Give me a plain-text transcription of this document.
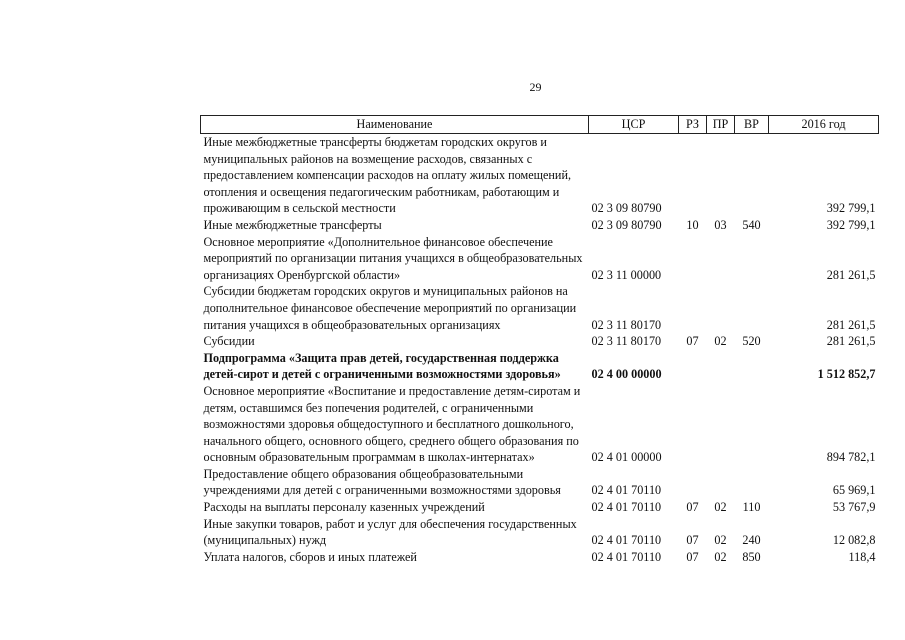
29
Наименование	ЦСР	РЗ	ПР	ВР	2016 год
Иные межбюджетные трансферты бюджетам городских округов и муниципальных районов на возмещение расходов, связанных с предоставлением компенсации расходов на оплату жилых помещений, отопления и освещения педагогическим работникам, работающим и проживающим в сельской местности	02 3 09 80790				392 799,1
Иные межбюджетные трансферты	02 3 09 80790	10	03	540	392 799,1
Основное мероприятие «Дополнительное финансовое обеспечение мероприятий по организации питания учащихся в общеобразовательных организациях Оренбургской области»	02 3 11 00000				281 261,5
Субсидии бюджетам городских округов и муниципальных районов на дополнительное финансовое обеспечение мероприятий по организации питания учащихся в общеобразовательных организациях	02 3 11 80170				281 261,5
Субсидии	02 3 11 80170	07	02	520	281 261,5
Подпрограмма «Защита прав детей, государственная поддержка детей-сирот и детей с ограниченными возможностями здоровья»	02 4 00 00000				1 512 852,7
Основное мероприятие «Воспитание и предоставление детям-сиротам и детям, оставшимся без попечения родителей, с ограниченными возможностями здоровья общедоступного и бесплатного дошкольного, начального общего, основного общего, среднего общего образования по основным образовательным программам в школах-интернатах»	02 4 01 00000				894 782,1
Предоставление общего образования общеобразовательными учреждениями для детей с ограниченными возможностями здоровья	02 4 01 70110				65 969,1
Расходы на выплаты персоналу казенных учреждений	02 4 01 70110	07	02	110	53 767,9
Иные закупки товаров, работ и услуг для обеспечения государственных (муниципальных) нужд	02 4 01 70110	07	02	240	12 082,8
Уплата налогов, сборов и иных платежей	02 4 01 70110	07	02	850	118,4
